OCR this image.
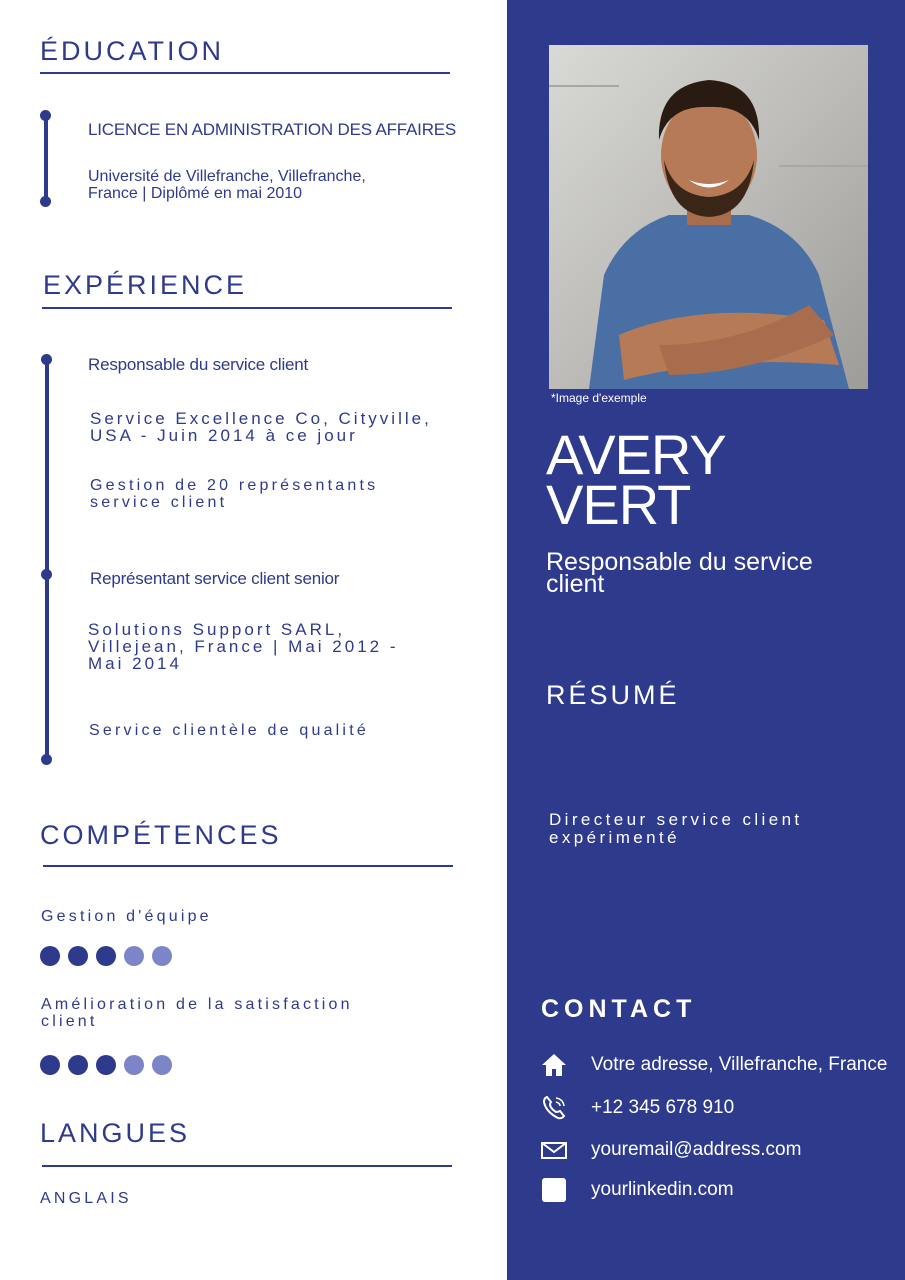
ÉDUCATION
LICENCE EN ADMINISTRATION DES AFFAIRES
Université de Villefranche, Villefranche,
France | Diplômé en mai 2010
EXPÉRIENCE
Responsable du service client
Service Excellence Co, Cityville,
USA - Juin 2014 à ce jour
Gestion de 20 représentants
service client
Représentant service client senior
Solutions Support SARL,
Villejean, France | Mai 2012 -
Mai 2014
Service clientèle de qualité
COMPÉTENCES
Gestion d'équipe
Amélioration de la satisfaction
client
LANGUES
ANGLAIS
*Image d'exemple
AVERY
VERT
Responsable du service
client
RÉSUMÉ
Directeur service client
expérimenté
CONTACT
Votre adresse, Villefranche, France
+12 345 678 910
youremail@address.com
yourlinkedin.com
